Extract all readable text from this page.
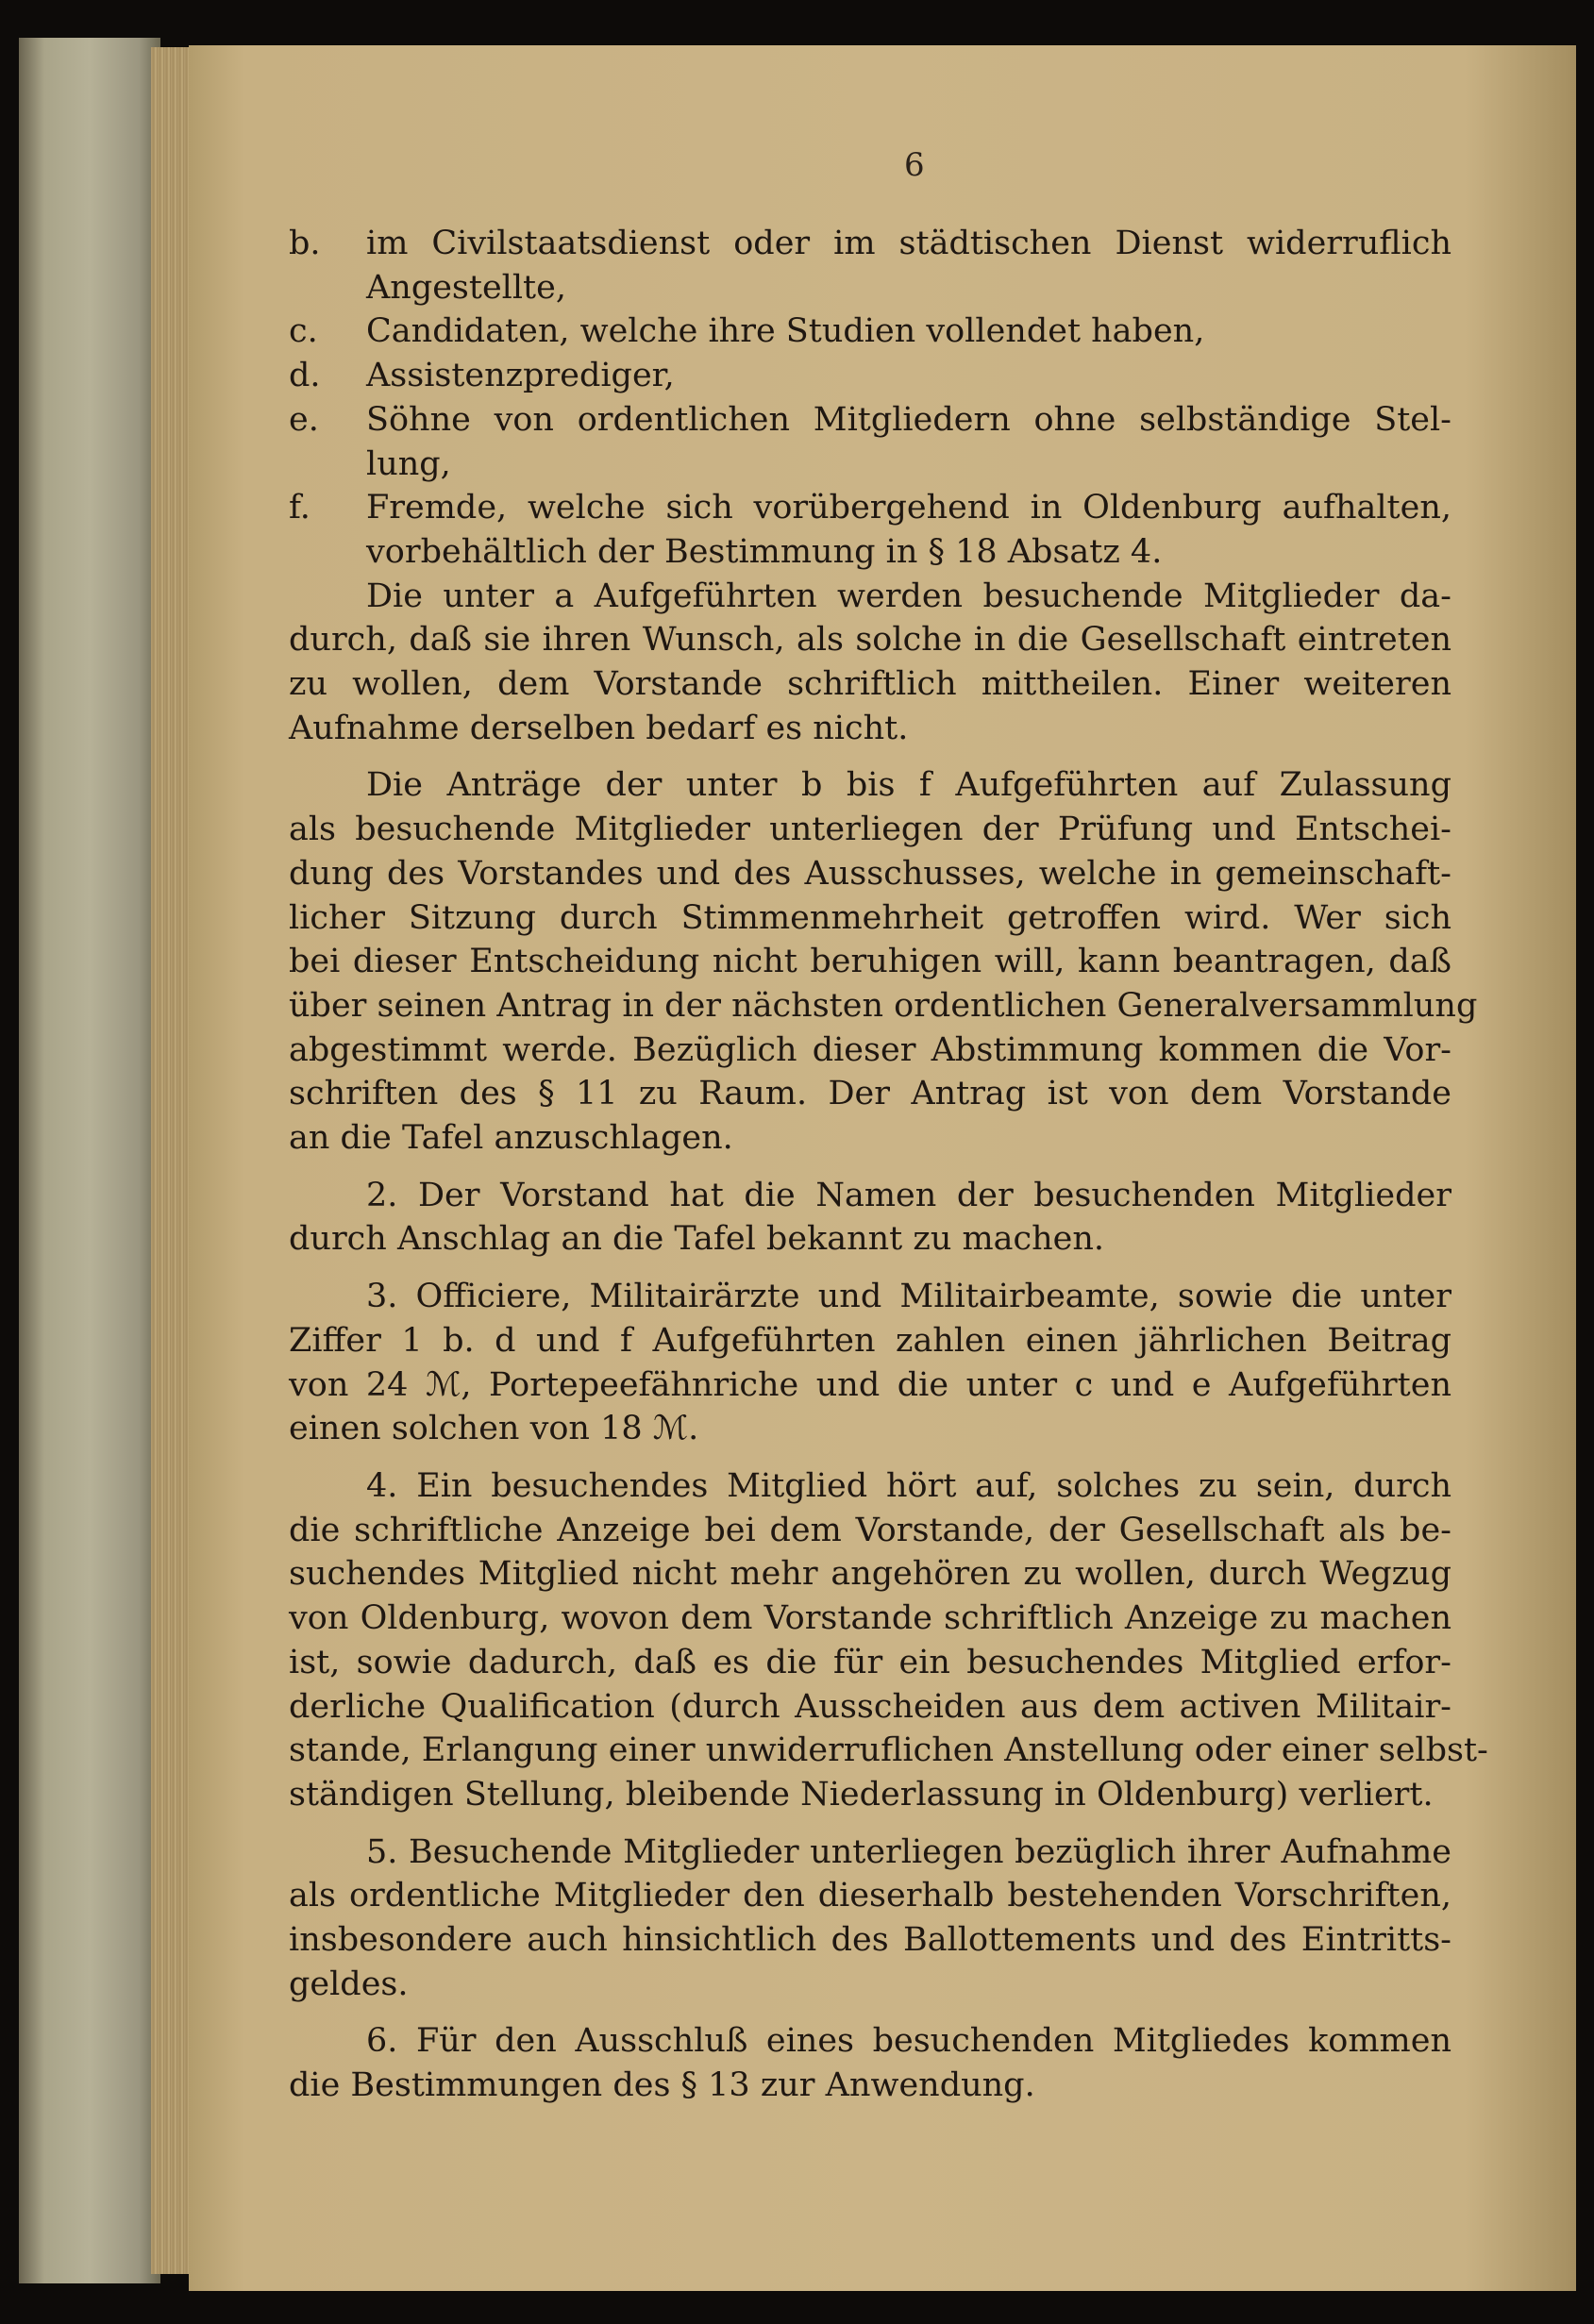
6
b. im Civilstaatsdienst oder im städtischen Dienst widerruflich
Angestellte,
c. Candidaten, welche ihre Studien vollendet haben,
d. Assistenzprediger,
e. Söhne von ordentlichen Mitgliedern ohne selbständige Stel-
lung,
f. Fremde, welche sich vorübergehend in Oldenburg aufhalten,
vorbehältlich der Bestimmung in § 18 Absatz 4.
Die unter a Aufgeführten werden besuchende Mitglieder da-
durch, daß sie ihren Wunsch, als solche in die Gesellschaft eintreten
zu wollen, dem Vorstande schriftlich mittheilen. Einer weiteren
Aufnahme derselben bedarf es nicht.
Die Anträge der unter b bis f Aufgeführten auf Zulassung
als besuchende Mitglieder unterliegen der Prüfung und Entschei-
dung des Vorstandes und des Ausschusses, welche in gemeinschaft-
licher Sitzung durch Stimmenmehrheit getroffen wird. Wer sich
bei dieser Entscheidung nicht beruhigen will, kann beantragen, daß
über seinen Antrag in der nächsten ordentlichen Generalversammlung
abgestimmt werde. Bezüglich dieser Abstimmung kommen die Vor-
schriften des § 11 zu Raum. Der Antrag ist von dem Vorstande
an die Tafel anzuschlagen.
2. Der Vorstand hat die Namen der besuchenden Mitglieder
durch Anschlag an die Tafel bekannt zu machen.
3. Officiere, Militairärzte und Militairbeamte, sowie die unter
Ziffer 1 b. d und f Aufgeführten zahlen einen jährlichen Beitrag
von 24 ℳ, Portepeefähnriche und die unter c und e Aufgeführten
einen solchen von 18 ℳ.
4. Ein besuchendes Mitglied hört auf, solches zu sein, durch
die schriftliche Anzeige bei dem Vorstande, der Gesellschaft als be-
suchendes Mitglied nicht mehr angehören zu wollen, durch Wegzug
von Oldenburg, wovon dem Vorstande schriftlich Anzeige zu machen
ist, sowie dadurch, daß es die für ein besuchendes Mitglied erfor-
derliche Qualification (durch Ausscheiden aus dem activen Militair-
stande, Erlangung einer unwiderruflichen Anstellung oder einer selbst-
ständigen Stellung, bleibende Niederlassung in Oldenburg) verliert.
5. Besuchende Mitglieder unterliegen bezüglich ihrer Aufnahme
als ordentliche Mitglieder den dieserhalb bestehenden Vorschriften,
insbesondere auch hinsichtlich des Ballottements und des Eintritts-
geldes.
6. Für den Ausschluß eines besuchenden Mitgliedes kommen
die Bestimmungen des § 13 zur Anwendung.
